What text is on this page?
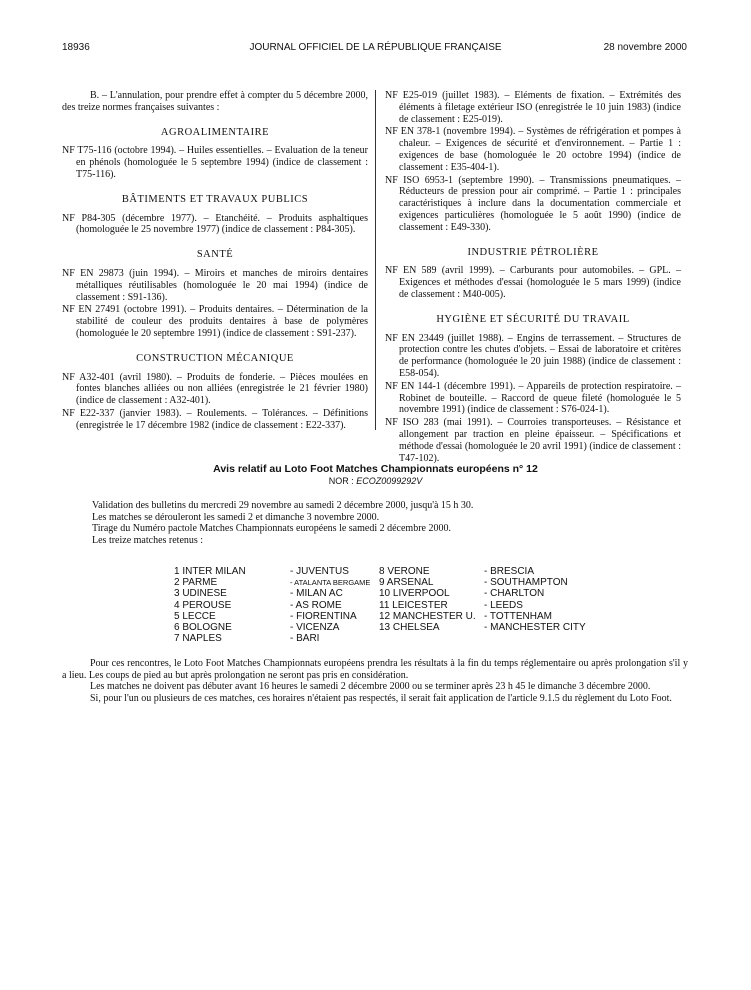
18936	JOURNAL OFFICIEL DE LA RÉPUBLIQUE FRANÇAISE	28 novembre 2000

B. – L'annulation, pour prendre effet à compter du 5 décembre 2000, des treize normes françaises suivantes :

AGROALIMENTAIRE

NF T75-116 (octobre 1994). – Huiles essentielles. – Evaluation de la teneur en phénols (homologuée le 5 septembre 1994) (indice de classement : T75-116).

BÂTIMENTS ET TRAVAUX PUBLICS

NF P84-305 (décembre 1977). – Etanchéité. – Produits asphaltiques (homologuée le 25 novembre 1977) (indice de classement : P84-305).

SANTÉ

NF EN 29873 (juin 1994). – Miroirs et manches de miroirs dentaires métalliques réutilisables (homologuée le 20 mai 1994) (indice de classement : S91-136).

NF EN 27491 (octobre 1991). – Produits dentaires. – Détermination de la stabilité de couleur des produits dentaires à base de polymères (homologuée le 20 septembre 1991) (indice de classement : S91-237).

CONSTRUCTION MÉCANIQUE

NF A32-401 (avril 1980). – Produits de fonderie. – Pièces moulées en fontes blanches alliées ou non alliées (enregistrée le 21 février 1980) (indice de classement : A32-401).

NF E22-337 (janvier 1983). – Roulements. – Tolérances. – Définitions (enregistrée le 17 décembre 1982 (indice de classement : E22-337).

NF E25-019 (juillet 1983). – Eléments de fixation. – Extrémités des éléments à filetage extérieur ISO (enregistrée le 10 juin 1983) (indice de classement : E25-019).

NF EN 378-1 (novembre 1994). – Systèmes de réfrigération et pompes à chaleur. – Exigences de sécurité et d'environnement. – Partie 1 : exigences de base (homologuée le 20 octobre 1994) (indice de classement : E35-404-1).

NF ISO 6953-1 (septembre 1990). – Transmissions pneumatiques. – Réducteurs de pression pour air comprimé. – Partie 1 : principales caractéristiques à inclure dans la documentation commerciale et exigences particulières (homologuée le 5 août 1990) (indice de classement : E49-330).

INDUSTRIE PÉTROLIÈRE

NF EN 589 (avril 1999). – Carburants pour automobiles. – GPL. – Exigences et méthodes d'essai (homologuée le 5 mars 1999) (indice de classement : M40-005).

HYGIÈNE ET SÉCURITÉ DU TRAVAIL

NF EN 23449 (juillet 1988). – Engins de terrassement. – Structures de protection contre les chutes d'objets. – Essai de laboratoire et critères de performance (homologuée le 20 juin 1988) (indice de classement : E58-054).

NF EN 144-1 (décembre 1991). – Appareils de protection respiratoire. – Robinet de bouteille. – Raccord de queue fileté (homologuée le 5 novembre 1991) (indice de classement : S76-024-1).

NF ISO 283 (mai 1991). – Courroies transporteuses. – Résistance et allongement par traction en pleine épaisseur. – Spécifications et méthode d'essai (homologuée le 20 avril 1991) (indice de classement : T47-102).

Avis relatif au Loto Foot Matches Championnats européens n° 12
NOR : ECOZ0099292V

Validation des bulletins du mercredi 29 novembre au samedi 2 décembre 2000, jusqu'à 15 h 30.

Les matches se dérouleront les samedi 2 et dimanche 3 novembre 2000.

Tirage du Numéro pactole Matches Championnats européens le samedi 2 décembre 2000.

Les treize matches retenus :

1 INTER MILAN	- JUVENTUS	8 VERONE	- BRESCIA
2 PARME	- ATALANTA BERGAME 9 ARSENAL	- SOUTHAMPTON
3 UDINESE	- MILAN AC	10 LIVERPOOL	- CHARLTON
4 PEROUSE	- AS ROME	11 LEICESTER	- LEEDS
5 LECCE	- FIORENTINA 12 MANCHESTER U. - TOTTENHAM
6 BOLOGNE	- VICENZA	13 CHELSEA	- MANCHESTER CITY
7 NAPLES	- BARI

Pour ces rencontres, le Loto Foot Matches Championnats européens prendra les résultats à la fin du temps réglementaire ou après prolongation s'il y a lieu. Les coups de pied au but après prolongation ne seront pas pris en considération.

Les matches ne doivent pas débuter avant 16 heures le samedi 2 décembre 2000 ou se terminer après 23 h 45 le dimanche 3 décembre 2000.

Si, pour l'un ou plusieurs de ces matches, ces horaires n'étaient pas respectés, il serait fait application de l'article 9.1.5 du règlement du Loto Foot.
